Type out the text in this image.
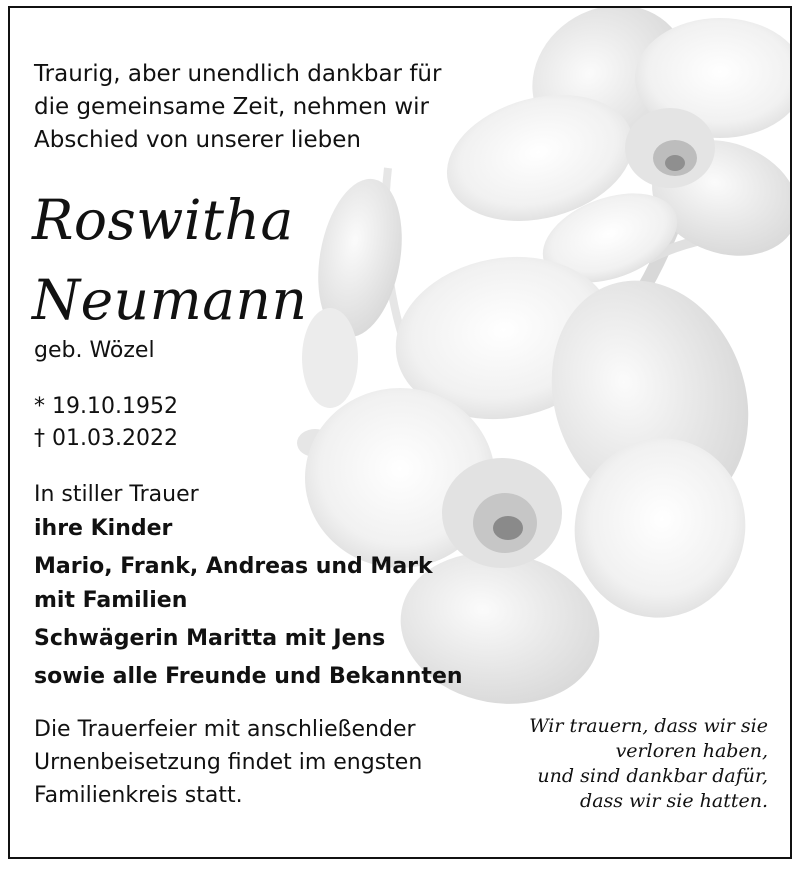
Traurig, aber unendlich dankbar für
die gemeinsame Zeit, nehmen wir
Abschied von unserer lieben
Roswitha
Neumann
geb. Wözel
* 19.10.1952
† 01.03.2022
In stiller Trauer
ihre Kinder
Mario, Frank, Andreas und Mark
mit Familien
Schwägerin Maritta mit Jens
sowie alle Freunde und Bekannten
Die Trauerfeier mit anschließender
Urnenbeisetzung findet im engsten
Familienkreis statt.
Wir trauern, dass wir sie
verloren haben,
und sind dankbar dafür,
dass wir sie hatten.
